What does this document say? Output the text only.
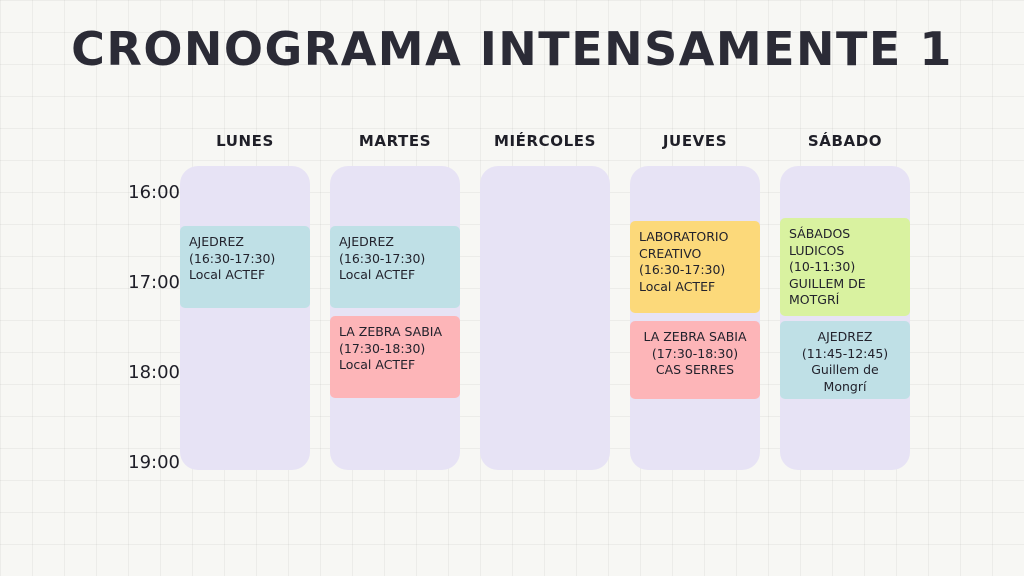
CRONOGRAMA INTENSAMENTE 1
16:00
17:00
18:00
19:00
LUNES
AJEDREZ
(16:30-17:30)
Local ACTEF
MARTES
AJEDREZ
(16:30-17:30)
Local ACTEF
LA ZEBRA SABIA
(17:30-18:30)
Local ACTEF
MIÉRCOLES	JUEVES
LABORATORIO
CREATIVO
(16:30-17:30)
Local ACTEF
LA ZEBRA SABIA
(17:30-18:30)
CAS SERRES
SÁBADO
SÁBADOS
LUDICOS
(10-11:30)
GUILLEM DE
MOTGRÍ
AJEDREZ
(11:45-12:45)
Guillem de
Mongrí
